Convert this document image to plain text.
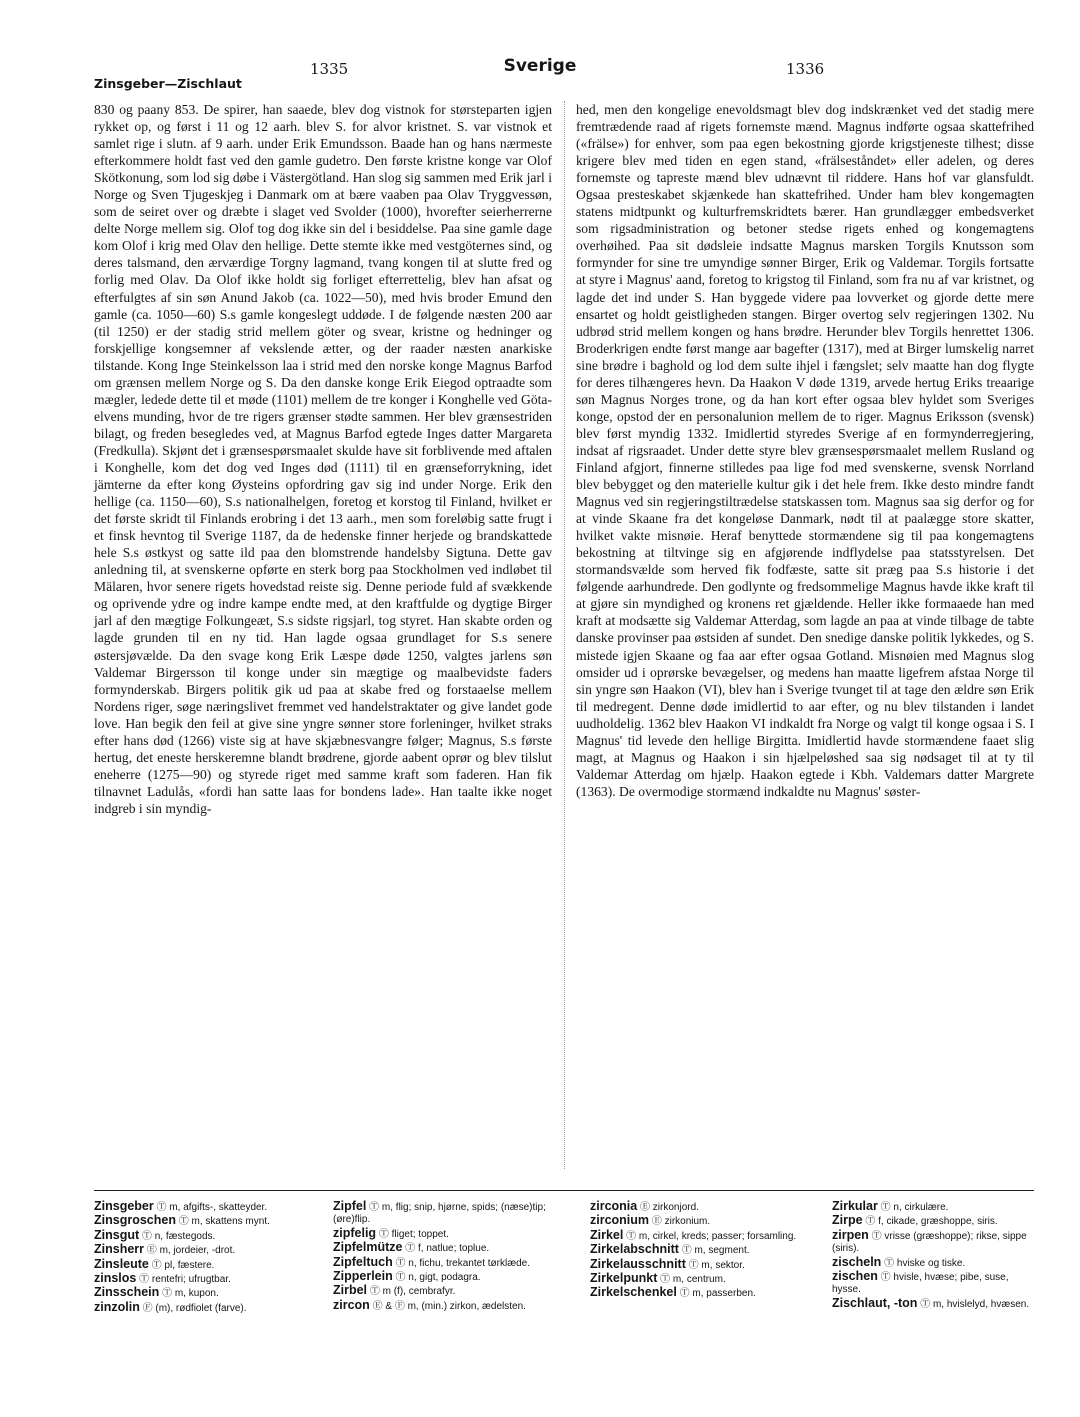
1335	Sverige	1336
Zinsgeber—Zischlaut

830 og paany 853. De spirer, han saaede, blev dog vistnok for størsteparten igjen rykket op, og først i 11 og 12 aarh. blev S. for alvor kristnet. S. var vistnok et samlet rige i slutn. af 9 aarh. under Erik Emundsson. Baade han og hans nærmeste efterkommere holdt fast ved den gamle gudetro. Den første kristne konge var Olof Skötkonung, som lod sig døbe i Västergötland. Han slog sig sammen med Erik jarl i Norge og Sven Tjugeskjeg i Danmark om at bære vaaben paa Olav Tryggvessøn, som de seiret over og dræbte i slaget ved Svolder (1000), hvorefter seierherrerne delte Norge mellem sig. Olof tog dog ikke sin del i besiddelse. Paa sine gamle dage kom Olof i krig med Olav den hellige. Dette stemte ikke med vestgöternes sind, og deres talsmand, den ærværdige Torgny lagmand, tvang kongen til at slutte fred og forlig med Olav. Da Olof ikke holdt sig forliget efterrettelig, blev han afsat og efterfulgtes af sin søn Anund Jakob (ca. 1022—50), med hvis broder Emund den gamle (ca. 1050—60) S.s gamle kongeslegt uddøde. I de følgende næsten 200 aar (til 1250) er der stadig strid mellem göter og svear, kristne og hedninger og forskjellige kongsemner af vekslende ætter, og der raader næsten anarkiske tilstande. Kong Inge Steinkelsson laa i strid med den norske konge Magnus Barfod om grænsen mellem Norge og S. Da den danske konge Erik Eiegod optraadte som mægler, ledede dette til et møde (1101) mellem de tre konger i Konghelle ved Göta-elvens munding, hvor de tre rigers grænser stødte sammen. Her blev grænsestriden bilagt, og freden besegledes ved, at Magnus Barfod egtede Inges datter Margareta (Fredkulla). Skjønt det i grænsespørsmaalet skulde have sit forblivende med aftalen i Konghelle, kom det dog ved Inges død (1111) til en grænseforrykning, idet jämterne da efter kong Øysteins opfordring gav sig ind under Norge. Erik den hellige (ca. 1150—60), S.s nationalhelgen, foretog et korstog til Finland, hvilket er det første skridt til Finlands erobring i det 13 aarh., men som foreløbig satte frugt i et finsk hevntog til Sverige 1187, da de hedenske finner herjede og brandskattede hele S.s østkyst og satte ild paa den blomstrende handelsby Sigtuna. Dette gav anledning til, at svenskerne opførte en sterk borg paa Stockholmen ved indløbet til Mälaren, hvor senere rigets hovedstad reiste sig. Denne periode fuld af svækkende og oprivende ydre og indre kampe endte med, at den kraftfulde og dygtige Birger jarl af den mægtige Folkungeæt, S.s sidste rigsjarl, tog styret. Han skabte orden og lagde grunden til en ny tid. Han lagde ogsaa grundlaget for S.s senere østersjøvælde. Da den svage kong Erik Læspe døde 1250, valgtes jarlens søn Valdemar Birgersson til konge under sin mægtige og maalbevidste faders formynderskab. Birgers politik gik ud paa at skabe fred og forstaaelse mellem Nordens riger, søge næringslivet fremmet ved handelstraktater og give landet gode love. Han begik den feil at give sine yngre sønner store forleninger, hvilket straks efter hans død (1266) viste sig at have skjæbnesvangre følger; Magnus, S.s første hertug, det eneste herskeremne blandt brødrene, gjorde aabent oprør og blev tilslut eneherre (1275—90) og styrede riget med samme kraft som faderen. Han fik tilnavnet Ladulås, «fordi han satte laas for bondens lade». Han taalte ikke noget indgreb i sin myndig-

hed, men den kongelige enevoldsmagt blev dog indskrænket ved det stadig mere fremtrædende raad af rigets fornemste mænd. Magnus indførte ogsaa skattefrihed («frälse») for enhver, som paa egen bekostning gjorde krigstjeneste tilhest; disse krigere blev med tiden en egen stand, «frälseståndet» eller adelen, og deres fornemste og tapreste mænd blev udnævnt til riddere. Hans hof var glansfuldt. Ogsaa presteskabet skjænkede han skattefrihed. Under ham blev kongemagten statens midtpunkt og kulturfremskridtets bærer. Han grundlægger embedsverket som rigsadministration og betoner stedse rigets enhed og kongemagtens overhøihed. Paa sit dødsleie indsatte Magnus marsken Torgils Knutsson som formynder for sine tre umyndige sønner Birger, Erik og Valdemar. Torgils fortsatte at styre i Magnus' aand, foretog to krigstog til Finland, som fra nu af var kristnet, og lagde det ind under S. Han byggede videre paa lovverket og gjorde dette mere ensartet og holdt geistligheden stangen. Birger overtog selv regjeringen 1302. Nu udbrød strid mellem kongen og hans brødre. Herunder blev Torgils henrettet 1306. Broderkrigen endte først mange aar bagefter (1317), med at Birger lumskelig narret sine brødre i baghold og lod dem sulte ihjel i fængslet; selv maatte han dog flygte for deres tilhængeres hevn. Da Haakon V døde 1319, arvede hertug Eriks treaarige søn Magnus Norges trone, og da han kort efter ogsaa blev hyldet som Sveriges konge, opstod der en personalunion mellem de to riger. Magnus Eriksson (svensk) blev først myndig 1332. Imidlertid styredes Sverige af en formynderregjering, indsat af rigsraadet. Under dette styre blev grænsespørsmaalet mellem Rusland og Finland afgjort, finnerne stilledes paa lige fod med svenskerne, svensk Norrland blev bebygget og den materielle kultur gik i det hele frem. Ikke desto mindre fandt Magnus ved sin regjeringstiltrædelse statskassen tom. Magnus saa sig derfor og for at vinde Skaane fra det kongeløse Danmark, nødt til at paalægge store skatter, hvilket vakte misnøie. Heraf benyttede stormændene sig til paa kongemagtens bekostning at tiltvinge sig en afgjørende indflydelse paa statsstyrelsen. Det stormandsvælde som herved fik fodfæste, satte sit præg paa S.s historie i det følgende aarhundrede. Den godlynte og fredsommelige Magnus havde ikke kraft til at gjøre sin myndighed og kronens ret gjældende. Heller ikke formaaede han med kraft at modsætte sig Valdemar Atterdag, som lagde an paa at vinde tilbage de tabte danske provinser paa østsiden af sundet. Den snedige danske politik lykkedes, og S. mistede igjen Skaane og faa aar efter ogsaa Gotland. Misnøien med Magnus slog omsider ud i oprørske bevægelser, og medens han maatte ligefrem afstaa Norge til sin yngre søn Haakon (VI), blev han i Sverige tvunget til at tage den ældre søn Erik til medregent. Denne døde imidlertid to aar efter, og nu blev tilstanden i landet uudholdelig. 1362 blev Haakon VI indkaldt fra Norge og valgt til konge ogsaa i S. I Magnus' tid levede den hellige Birgitta. Imidlertid havde stormændene faaet slig magt, at Magnus og Haakon i sin hjælpeløshed saa sig nødsaget til at ty til Valdemar Atterdag om hjælp. Haakon egtede i Kbh. Valdemars datter Margrete (1363). De overmodige stormænd indkaldte nu Magnus' søster-

Zinsgeber Ⓣ m, afgifts-, skatteyder.

Zinsgroschen Ⓣ m, skattens mynt.

Zinsgut Ⓣ n, fæstegods.

Zinsherr Ⓔ m, jordeier, -drot.

Zinsleute Ⓣ pl, fæstere.

zinslos Ⓣ rentefri; ufrugtbar.

Zinsschein Ⓣ m, kupon.

zinzolin Ⓕ (m), rødfiolet (farve).

Zipfel Ⓣ m, flig; snip, hjørne, spids; (næse)tip; (øre)flip.

zipfelig Ⓣ fliget; toppet.

Zipfelmütze Ⓣ f, natlue; toplue.

Zipfeltuch Ⓣ n, fichu, trekantet tørklæde.

Zipperlein Ⓣ n, gigt, podagra.

Zirbel Ⓣ m (f), cembrafyr.

zircon Ⓔ & Ⓕ m, (min.) zirkon, ædelsten.

zirconia Ⓔ zirkonjord.

zirconium Ⓔ zirkonium.

Zirkel Ⓣ m, cirkel, kreds; passer; forsamling.

Zirkelabschnitt Ⓣ m, segment.

Zirkelausschnitt Ⓣ m, sektor.

Zirkelpunkt Ⓣ m, centrum.

Zirkelschenkel Ⓣ m, passerben.

Zirkular Ⓣ n, cirkulære.

Zirpe Ⓣ f, cikade, græshoppe, siris.

zirpen Ⓣ vrisse (græshoppe); rikse, sippe (siris).

zischeln Ⓣ hviske og tiske.

zischen Ⓣ hvisle, hvæse; pibe, suse, hysse.

Zischlaut, -ton Ⓣ m, hvislelyd, hvæsen.
